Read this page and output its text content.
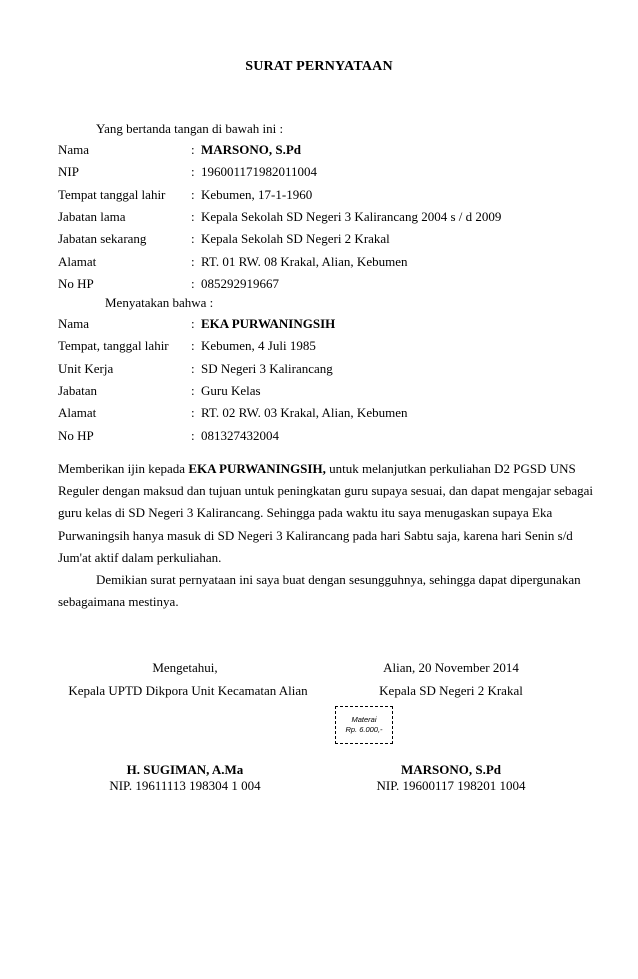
SURAT PERNYATAAN
Yang bertanda tangan di bawah ini :
Nama	: MARSONO, S.Pd
NIP	: 196001171982011004
Tempat tanggal lahir : Kebumen, 17-1-1960
Jabatan lama	: Kepala Sekolah SD Negeri 3 Kalirancang 2004 s / d 2009
Jabatan sekarang	: Kepala Sekolah SD Negeri 2 Krakal
Alamat	: RT. 01 RW. 08 Krakal, Alian, Kebumen
No HP	: 085292919667
Menyatakan bahwa :
Nama	: EKA PURWANINGSIH
Tempat, tanggal lahir : Kebumen, 4 Juli 1985
Unit Kerja	: SD Negeri 3 Kalirancang
Jabatan	: Guru Kelas
Alamat	: RT. 02 RW. 03 Krakal, Alian, Kebumen
No HP	: 081327432004

Memberikan ijin kepada EKA PURWANINGSIH, untuk melanjutkan perkuliahan D2 PGSD UNS

Reguler dengan maksud dan tujuan untuk peningkatan guru supaya sesuai, dan dapat mengajar sebagai

guru kelas di SD Negeri 3 Kalirancang. Sehingga pada waktu itu saya menugaskan supaya Eka

Purwaningsih hanya masuk di SD Negeri 3 Kalirancang pada hari Sabtu saja, karena hari Senin s/d

Jum'at aktif dalam perkuliahan.

Demikian surat pernyataan ini saya buat dengan sesungguhnya, sehingga dapat dipergunakan

sebagaimana mestinya.

Mengetahui,
Kepala UPTD Dikpora Unit Kecamatan Alian
H. SUGIMAN, A.Ma
NIP. 19611113 198304 1 004
Alian, 20 November 2014
Kepala SD Negeri 2 Krakal
MARSONO, S.Pd
NIP. 19600117 198201 1004
Materai
Rp. 6.000,-
